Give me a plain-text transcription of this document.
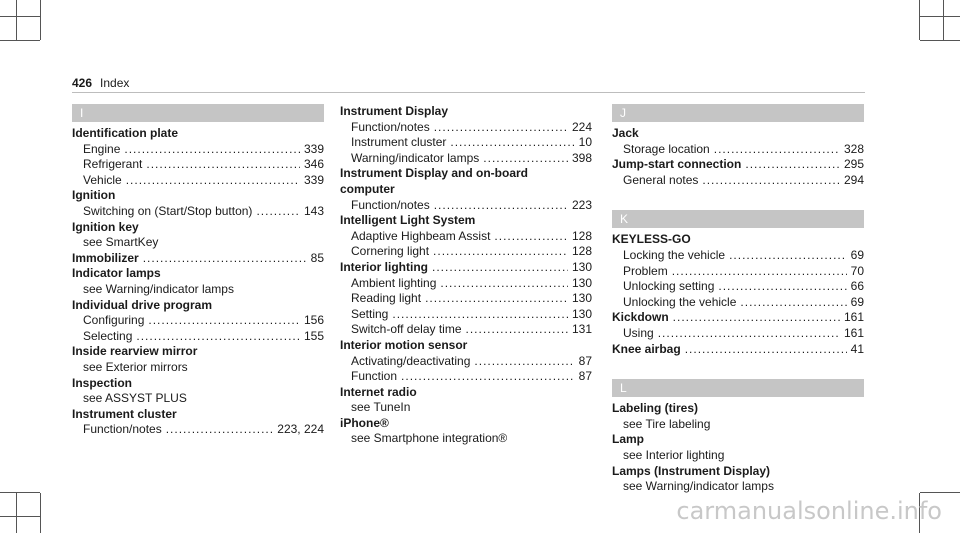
426 Index
I
Identification plate
Engine .....	339
Refrigerant .....	346
Vehicle .....	339
Ignition
Switching on (Start/Stop button) .....	143
Ignition key
see SmartKey
Immobilizer .....	85
Indicator lamps
see Warning/indicator lamps
Individual drive program
Configuring .....	156
Selecting .....	155
Inside rearview mirror
see Exterior mirrors
Inspection
see ASSYST PLUS
Instrument cluster
Function/notes .....	223, 224
Instrument Display
Function/notes .....	224
Instrument cluster .....	10
Warning/indicator lamps .....	398
Instrument Display and on-board
computer
Function/notes .....	223
Intelligent Light System
Adaptive Highbeam Assist .....	128
Cornering light .....	128
Interior lighting .....	130
Ambient lighting .....	130
Reading light .....	130
Setting .....	130
Switch-off delay time .....	131
Interior motion sensor
Activating/deactivating .....	87
Function .....	87
Internet radio
see TuneIn
iPhone®
see Smartphone integration®
J
Jack
Storage location .....	328
Jump-start connection .....	295
General notes .....	294
K
KEYLESS-GO
Locking the vehicle .....	69
Problem .....	70
Unlocking setting .....	66
Unlocking the vehicle .....	69
Kickdown .....	161
Using .....	161
Knee airbag .....	41
L
Labeling (tires)
see Tire labeling
Lamp
see Interior lighting
Lamps (Instrument Display)
see Warning/indicator lamps
carmanualsonline.info
